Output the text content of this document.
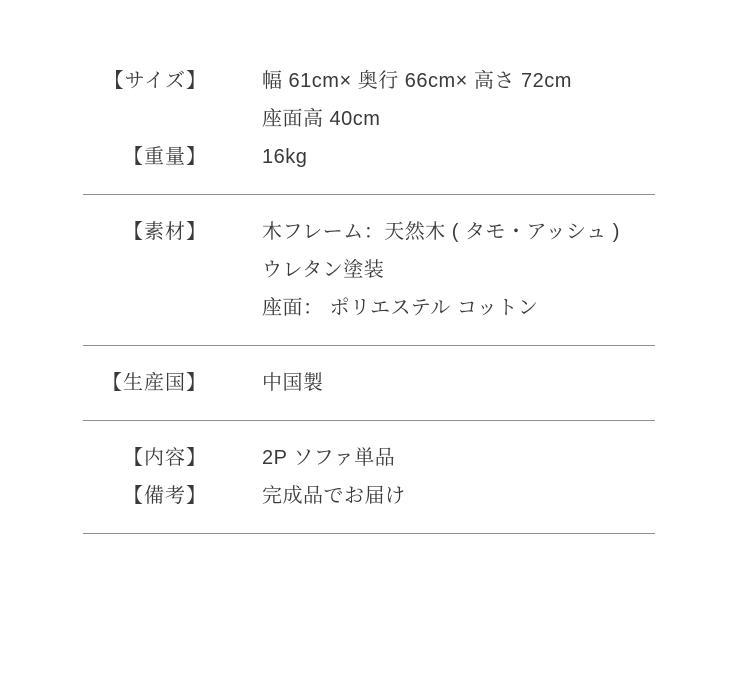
【サイズ】	幅 61cm× 奥行 66cm× 高さ 72cm
座面高 40cm
【重量】	16kg
【素材】	木フレーム：天然木 ( タモ・アッシュ )
ウレタン塗装
座面： ポリエステル コットン
【生産国】	中国製
【内容】	2P ソファ単品
【備考】	完成品でお届け
